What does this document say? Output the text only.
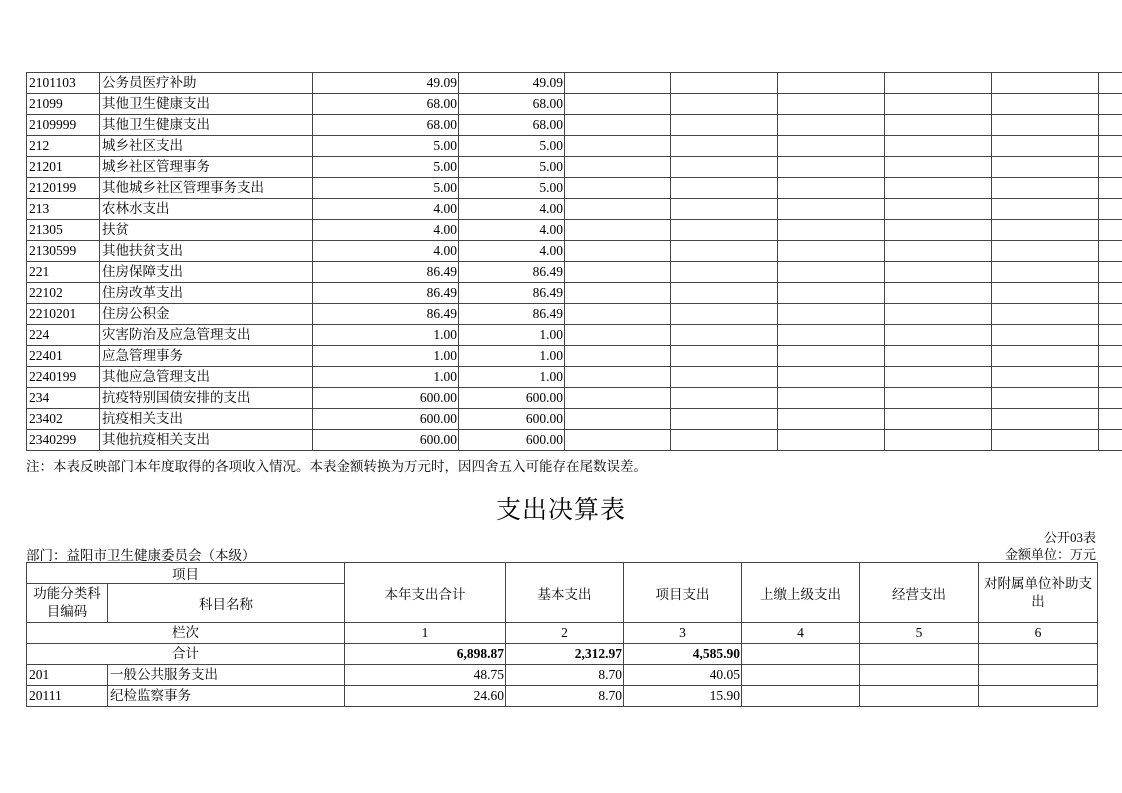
2101103	公务员医疗补助	49.09	49.09						
21099	其他卫生健康支出	68.00	68.00						
2109999	其他卫生健康支出	68.00	68.00						
212	城乡社区支出	5.00	5.00						
21201	城乡社区管理事务	5.00	5.00						
2120199	其他城乡社区管理事务支出	5.00	5.00						
213	农林水支出	4.00	4.00						
21305	扶贫	4.00	4.00						
2130599	其他扶贫支出	4.00	4.00						
221	住房保障支出	86.49	86.49						
22102	住房改革支出	86.49	86.49						
2210201	住房公积金	86.49	86.49						
224	灾害防治及应急管理支出	1.00	1.00						
22401	应急管理事务	1.00	1.00						
2240199	其他应急管理支出	1.00	1.00						
234	抗疫特别国债安排的支出	600.00	600.00						
23402	抗疫相关支出	600.00	600.00						
2340299	其他抗疫相关支出	600.00	600.00						
注：本表反映部门本年度取得的各项收入情况。本表金额转换为万元时，因四舍五入可能存在尾数误差。
支出决算表
公开03表
部门：益阳市卫生健康委员会（本级）	金额单位：万元
项目		本年支出合计	基本支出	项目支出	上缴上级支出	经营支出	对附属单位补助支出
功能分类科目编码	科目名称						
栏次		1	2	3	4	5	6
合计		6,898.87	2,312.97	4,585.90			
201	一般公共服务支出	48.75	8.70	40.05			
20111	纪检监察事务	24.60	8.70	15.90			
